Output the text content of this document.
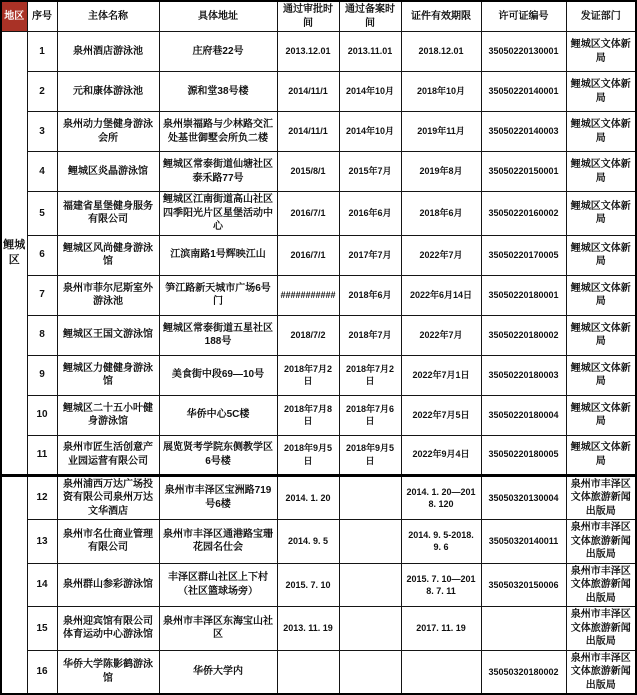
地区	序号	主体名称	具体地址	通过审批时间	通过备案时间	证件有效期限	许可证编号	发证部门
鲤城区	1	泉州酒店游泳池	庄府巷22号	2013.12.01	2013.11.01	2018.12.01	35050220130001	鲤城区文体新局
	2	元和康体游泳池	源和堂38号楼	2014/11/1	2014年10月	2018年10月	35050220140001	鲤城区文体新局
	3	泉州动力堡健身游泳会所	泉州崇福路与少林路交汇处基世御墅会所负二楼	2014/11/1	2014年10月	2019年11月	35050220140003	鲤城区文体新局
	4	鲤城区炎晶游泳馆	鲤城区常泰街道仙塘社区泰禾路77号	2015/8/1	2015年7月	2019年8月	35050220150001	鲤城区文体新局
	5	福建省星堡健身服务有限公司	鲤城区江南街道高山社区四季阳光片区星堡活动中心	2016/7/1	2016年6月	2018年6月	35050220160002	鲤城区文体新局
	6	鲤城区风尚健身游泳馆	江滨南路1号辉映江山	2016/7/1	2017年7月	2022年7月	35050220170005	鲤城区文体新局
	7	泉州市菲尔尼斯室外游泳池	笋江路新天城市广场6号门	###########	2018年6月	2022年6月14日	35050220180001	鲤城区文体新局
	8	鲤城区王国文游泳馆	鲤城区常泰街道五星社区188号	2018/7/2	2018年7月	2022年7月	35050220180002	鲤城区文体新局
	9	鲤城区力健健身游泳馆	美食街中段69—10号	2018年7月2日	2018年7月2日	2022年7月1日	35050220180003	鲤城区文体新局
	10	鲤城区二十五小叶健身游泳馆	华侨中心5C楼	2018年7月8日	2018年7月6日	2022年7月5日	35050220180004	鲤城区文体新局
	11	泉州市匠生活创意产业园运营有限公司	展览贤考学院东侧教学区6号楼	2018年9月5日	2018年9月5日	2022年9月4日	35050220180005	鲤城区文体新局
	12	泉州浦西万达广场投资有限公司泉州万达文华酒店	泉州市丰泽区宝洲路719号6楼	2014. 1. 20		2014. 1. 20—2018. 120	35050320130004	泉州市丰泽区文体旅游新闻出版局
	13	泉州市名仕商业管理有限公司	泉州市丰泽区通港路宝珊花园名仕会	2014. 9. 5		2014. 9. 5-2018. 9. 6	35050320140011	泉州市丰泽区文体旅游新闻出版局
	14	泉州群山参彩游泳馆	丰泽区群山社区上下村（社区篮球场旁）	2015. 7. 10		2015. 7. 10—2018. 7. 11	35050320150006	泉州市丰泽区文体旅游新闻出版局
	15	泉州迎宾馆有限公司体育运动中心游泳馆	泉州市丰泽区东海宝山社区	2013. 11. 19		2017. 11. 19		泉州市丰泽区文体旅游新闻出版局
	16	华侨大学陈影鹤游泳馆	华侨大学内				35050320180002	泉州市丰泽区文体旅游新闻出版局
